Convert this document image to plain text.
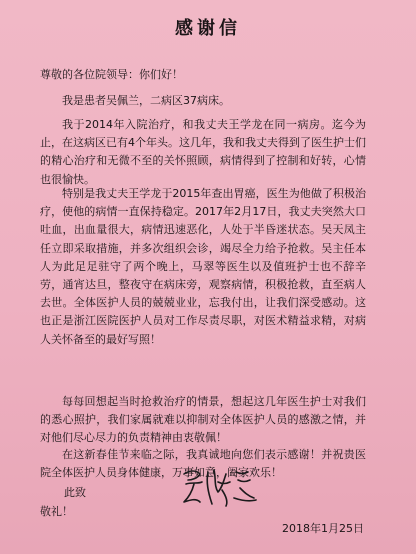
感谢信
尊敬的各位院领导：你们好！

我是患者吴佩兰，二病区37病床。

我于2014年入院治疗，和我丈夫王学龙在同一病房。迄今为止，在这病区已有4个年头。这几年，我和我丈夫得到了医生护士们的精心治疗和无微不至的关怀照顾，病情得到了控制和好转，心情也很愉快。

特别是我丈夫王学龙于2015年查出胃癌，医生为他做了积极治疗，使他的病情一直保持稳定。2017年2月17日，我丈夫突然大口吐血，出血量很大，病情迅速恶化，人处于半昏迷状态。吴天凤主任立即采取措施，并多次组织会诊，竭尽全力给予抢救。吴主任本人为此足足驻守了两个晚上，马翠等医生以及值班护士也不辞辛劳，通宵达旦，整夜守在病床旁，观察病情，积极抢救，直至病人去世。全体医护人员的兢兢业业，忘我付出，让我们深受感动。这也正是浙江医院医护人员对工作尽责尽职，对医术精益求精，对病人关怀备至的最好写照！

每每回想起当时抢救治疗的情景，想起这几年医生护士对我们的悉心照护，我们家属就难以抑制对全体医护人员的感激之情，并对他们尽心尽力的负责精神由衷敬佩！

在这新春佳节来临之际，我真诚地向您们表示感谢！并祝贵医院全体医护人员身体健康，万事如意，阖家欢乐！

此致
敬礼！
2018年1月25日
